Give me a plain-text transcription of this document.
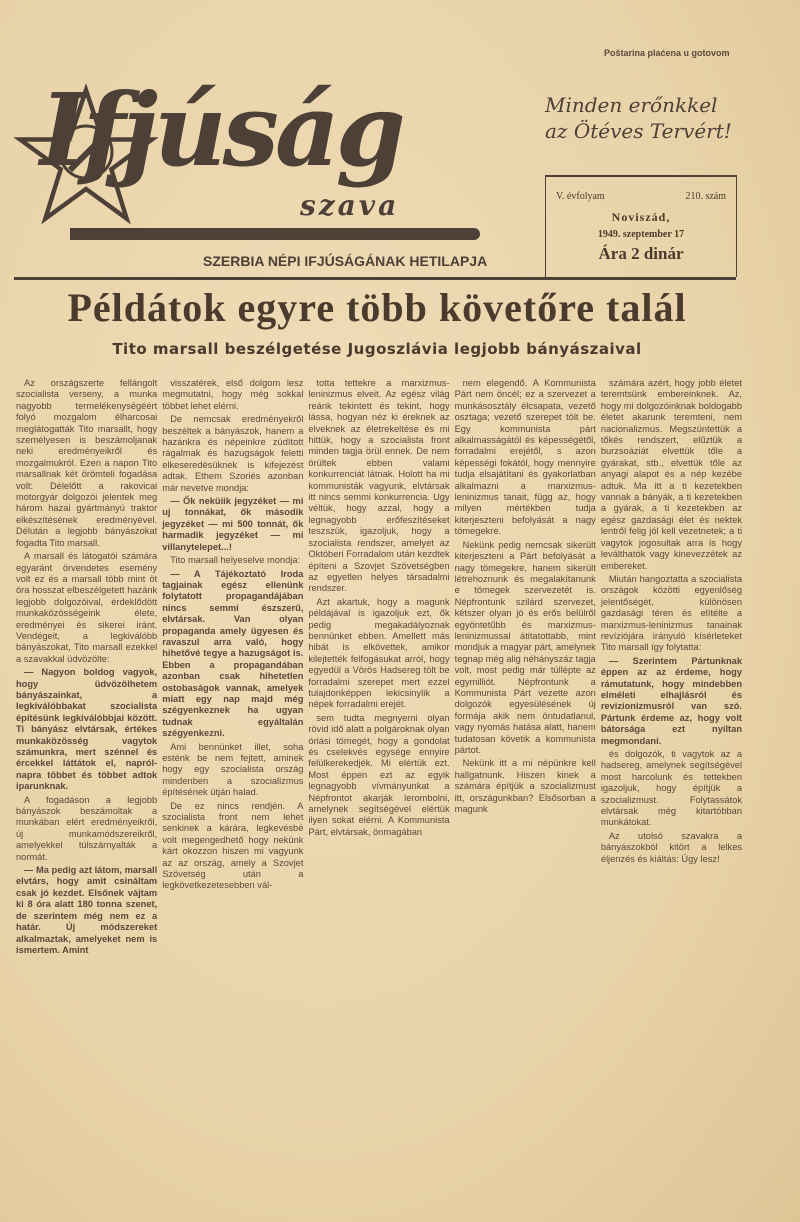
Poštarina plaćena u gotovom
Ifjúság
szava
SZERBIA NÉPI IFJÚSÁGÁNAK HETILAPJA
Minden erőnkkel
az Ötéves Tervért!
V. évfolyam	210. szám
Noviszád,
1949. szeptember 17
Ára 2 dinár
Példátok egyre több követőre talál
Tito marsall beszélgetése Jugoszlávia legjobb bányászaival

Az országszerte fellángolt szocialista verseny, a munka nagyobb termelékenységéért folyó mozgalom élharcosai meglátogatták Tito marsallt, hogy személyesen is beszámoljanak neki eredményeikről és mozgalmukról. Ezen a napon Tito marsallnak két örömteli fogadása volt: Délelőtt a rakovicai motorgyár dolgozói jelentek meg három hazai gyártmányú traktor elkészítésének eredményével. Délután a legjobb bányászokat fogadta Tito marsall.

A marsall és látogatói számára egyaránt örvendetes esemény volt ez és a marsall több mint öt óra hosszat elbeszélgetett hazánk legjobb dolgozóival, érdeklődött munkaközösségeink élete, eredményei és sikerei iránt. Vendégeit, a legkiválóbb bányászokat, Tito marsall ezekkel a szavakkal üdvözölte:

— Nagyon boldog vagyok, hogy üdvözölhetem bányászainkat, a legkiválóbbakat szocialista építésünk legkiválóbbjai között. Ti bányász elvtársak, értékes munkaközösség vagytok számunkra, mert szénnel és ércekkel láttátok el, napról-napra többet és többet adtok iparunknak.

A fogadáson a legjobb bányászok beszámoltak a munkában elért eredményeikről, új munkamódszereikről, amelyekkel túlszárnyalták a normát.

— Ma pedig azt látom, marsall elvtárs, hogy amit csináltam csak jó kezdet. Elsőnek vájtam ki 8 óra alatt 180 tonna szenet, de szerintem még nem ez a határ. Új módszereket alkalmaztak, amelyeket nem is ismertem. Amint

visszatérek, első dolgom lesz megmutatni, hogy még sokkal többet lehet elérni.

De nemcsak eredményekről beszéltek a bányászok, hanem a hazánkra és népeinkre zúdított rágalmak és hazugságok feletti elkeseredésüknek is kifejezést adtak. Ethem Szoriés azonban már nevetve mondja:

— Ők neküiik jegyzéket — mi uj tonnákat, ők második jegyzéket — mi 500 tonnát, ők harmadik jegyzéket — mi villanytelepet...!

Tito marsall helyeselve mondja:

— A Tájékoztató Iroda tagjainak egész ellenünk folytatott propagandájában nincs semmi észszerű, elvtársak. Van olyan propaganda amely ügyesen és ravaszul arra való, hogy hihetővé tegye a hazugságot is. Ebben a propagandában azonban csak hihetetlen ostobaságok vannak, amelyek miatt egy nap majd még szégyenkeznek ha ugyan tudnak egyáltalán szégyenkezni.

Ami bennünket illet, soha esténk be nem fejtett, aminek hogy egy szocialista ország mindenben a szocializmus építésének útján halad.

De ez nincs rendjén. A szocialista front nem lehet senkinek a kárára, legkevésbé volt megengedhető hogy nekünk kárt okozzon hiszen mi vagyunk az az ország, amely a Szovjet Szövetség után a legkövetkezetesebben vál-

totta tettekre a marxizmus-leninizmus elveit. Az egész világ reánk tekintett és tekint, hogy lássa, hogyan néz ki éreknek az elveknek az életrekeltése és mi hittük, hogy a szocialista front minden tagja örül ennek. De nem örültek ebben valami konkurrenciát látnak. Holott ha mi kommunisták vagyunk, elvtársak itt nincs semmi konkurrencia. Ugy véltük, hogy azzal, hogy a legnagyobb erőfeszítéseket teszszük, igazoljuk, hogy a szocialista rendszer, amelyet az Októberi Forradalom után kezdtek építeni a Szovjet Szövetségben az egyetlen helyes társadalmi rendszer.

Azt akartuk, hogy a magunk példájával is igazoljuk ezt, ők pedig megakadályoznak bennünket ebben. Amellett más hibát is elkövettek, amikor kilejtették felfogásukat arról, hogy egyedül a Vörös Hadsereg tölt be forradalmi szerepet mert ezzel tulajdonképpen lekicsinylik a népek forradalmi erejét.

sem tudta megnyerni olyan rövid idő alatt a polgároknak olyan óriási tömegét, hogy a gondolat és cselekvés egysége ennyire felülkerekedjék. Mi elértük ezt. Most éppen ezt az egyik legnagyobb vívmányunkat a Népfrontot akarják lerombolni, amelynek segítségével elértük ilyen sokat elérni. A Kommunista Párt, elvtársak, önmagában

nem elegendő. A Kommunista Párt nem öncél; ez a szervezet a munkásosztály élcsapata, vezető osztaga; vezető szerepet tölt be. Egy kommunista párt alkalmasságától és képességétől, forradalmi erejétől, s azon képességi fokától, hogy mennyire tudja elsajátítani és gyakorlatban alkalmazni a marxizmus-leninizmus tanait, függ az, hogy milyen mértékben tudja kiterjeszteni befolyását a nagy tömegekre.

Nekünk pedig nemcsak sikerült kiterjeszteni a Párt befolyását a nagy tömegekre, hanem sikerült létrehoznunk és megalakítanunk e tömegek szervezetét is. Népfrontunk szilárd szervezet, kétszer olyan jó és erős belülről egyöntetűbb és marxizmus-leninizmussal átitatottabb, mint mondjuk a magyar párt, amelynek tegnap még alig néhányszáz tagja volt, most pedig már túllépte az egymilliót. Népfrontunk a Kommunista Párt vezette azon dolgozók egyesülésének új formája akik nem öntudatlanul, vagy nyomás hatása alatt, hanem tudatosan követik a kommunista pártot.

Nekünk itt a mi népünkre kell hallgatnunk. Hiszen kinek a számára építjük a szocializmust itt, országunkban? Elsősorban a magunk

számára azért, hogy jobb életet teremtsünk embereinknek. Az, hogy mi dolgozóinknak boldogabb életet akarunk teremteni, nem nacionalizmus. Megszüntettük a tőkés rendszert, elűztük a burzsoáziát elvettük tőle a gyárakat, stb., elvettük tőle az anyagi alapot és a nép kezébe adtuk. Ma itt a ti kezetekben vannak a bányák, a ti kezetekben a gyárak, a ti kezetekben az egész gazdasági élet és nektek lentről felig jól kell vezetnetek; a ti vagytok jogosultak arra is hogy leválthatók vagy kinevezzétek az embereket.

Miután hangoztatta a szocialista országok közötti egyenlőség jelentőségét, különösen gazdasági téren és elítélte a marxizmus-leninizmus tanainak revíziójára irányuló kísérleteket Tito marsall így folytatta:

— Szerintem Pártunknak éppen az az érdeme, hogy rámutatunk, hogy mindebben elméleti elhajlásról és revizionizmusról van szó. Pártunk érdeme az, hogy volt bátorsága ezt nyíltan megmondani.

és dolgozók, ti vagytok az a hadsereg, amelynek segítségével most harcolunk és tettekben igazoljuk, hogy építjük a szocializmust. Folytassátok elvtársak még kitartóbban munkátokat.

Az utolsó szavakra a bányászokból kitört a lelkes éljenzés és kiáltás: Úgy lesz!
